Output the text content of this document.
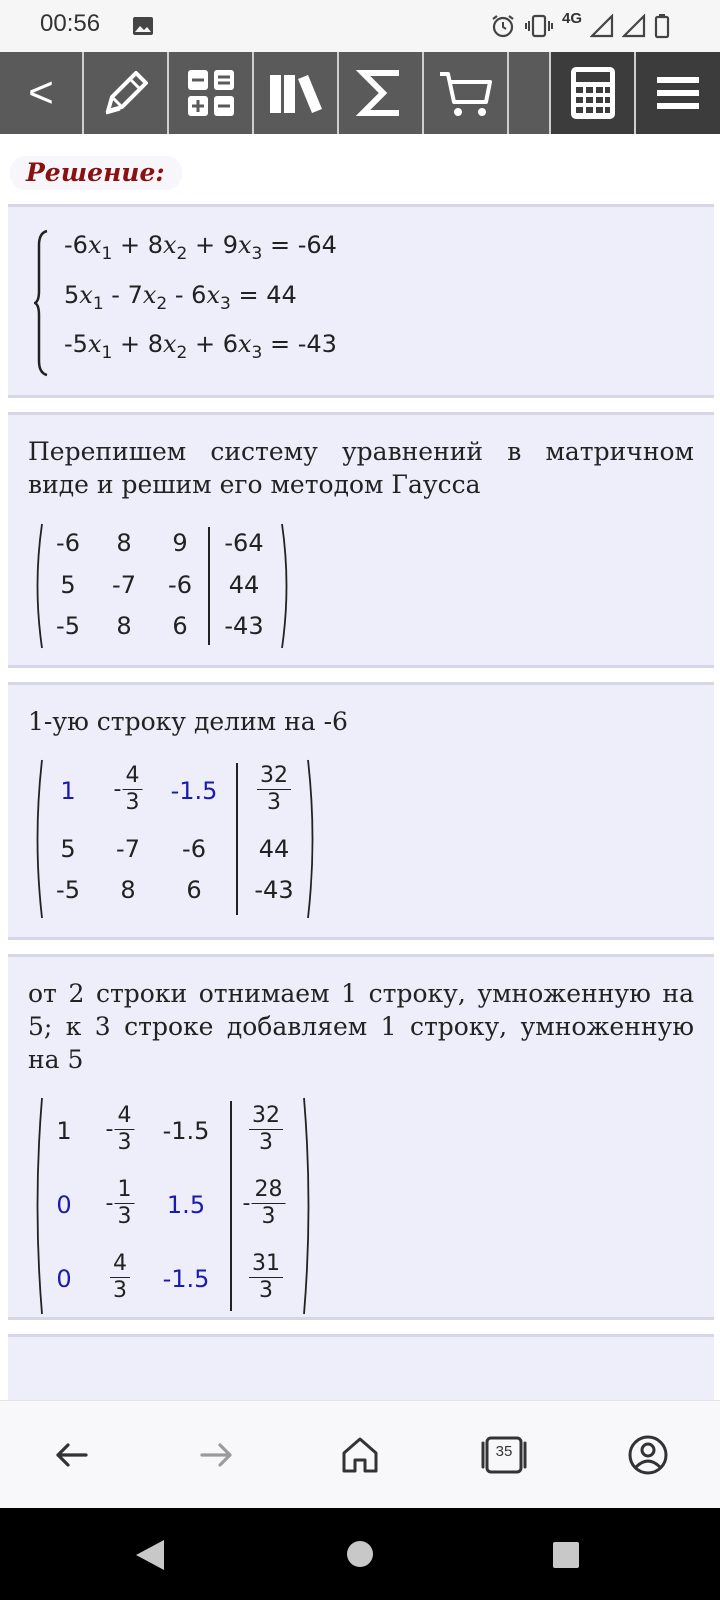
00:56	4G
<
Решение:
$-6x_1 + 8x_2 + 9x_3 = -64$
$5x_1 - 7x_2 - 6x_3 = 44$
$-5x_1 + 8x_2 + 6x_3 = -43$
Перепишем систему уравнений в матричном виде и решим его методом Гаусса
-6 8 9 -64
5 -7 -6 44
-5 8 6 -43
1-ую строку делим на -6
$1 - \frac{4}{3} -1.5 \frac{32}{3}$
5 -7 -6 44
-5 8 6 -43
от 2 строки отнимаем 1 строку, умноженную на 5; к 3 строке добавляем 1 строку, умноженную на 5
$1 - \frac{4}{3} -1.5 \frac{32}{3}$
$0 - \frac{1}{3} 1.5 - \frac{28}{3}$
$0 \frac{4}{3} -1.5 \frac{31}{3}$
35
